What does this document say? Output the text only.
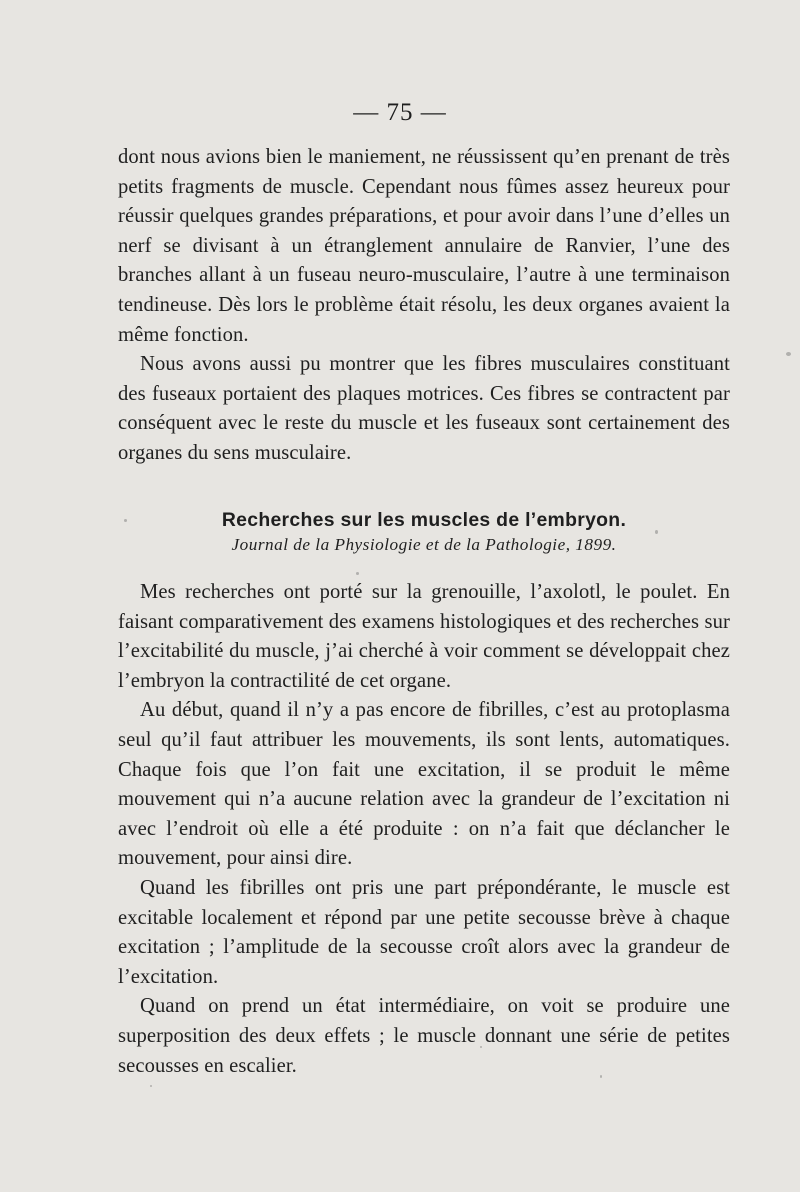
— 75 —

dont nous avions bien le maniement, ne réussissent qu’en prenant de très petits fragments de muscle. Cependant nous fûmes assez heureux pour réussir quelques grandes préparations, et pour avoir dans l’une d’elles un nerf se divisant à un étranglement annulaire de Ranvier, l’une des branches allant à un fuseau neuro-musculaire, l’autre à une terminaison tendineuse. Dès lors le problème était résolu, les deux organes avaient la même fonction.

Nous avons aussi pu montrer que les fibres musculaires constituant des fuseaux portaient des plaques motrices. Ces fibres se contractent par conséquent avec le reste du muscle et les fuseaux sont certainement des organes du sens musculaire.

Recherches sur les muscles de l’embryon.
Journal de la Physiologie et de la Pathologie, 1899.

Mes recherches ont porté sur la grenouille, l’axolotl, le poulet. En faisant comparativement des examens histologiques et des recherches sur l’excitabilité du muscle, j’ai cherché à voir comment se développait chez l’embryon la contractilité de cet organe.

Au début, quand il n’y a pas encore de fibrilles, c’est au protoplasma seul qu’il faut attribuer les mouvements, ils sont lents, automatiques. Chaque fois que l’on fait une excitation, il se produit le même mouvement qui n’a aucune relation avec la grandeur de l’excitation ni avec l’endroit où elle a été produite : on n’a fait que déclancher le mouvement, pour ainsi dire.

Quand les fibrilles ont pris une part prépondérante, le muscle est excitable localement et répond par une petite secousse brève à chaque excitation ; l’amplitude de la secousse croît alors avec la grandeur de l’excitation.

Quand on prend un état intermédiaire, on voit se produire une superposition des deux effets ; le muscle donnant une série de petites secousses en escalier.
